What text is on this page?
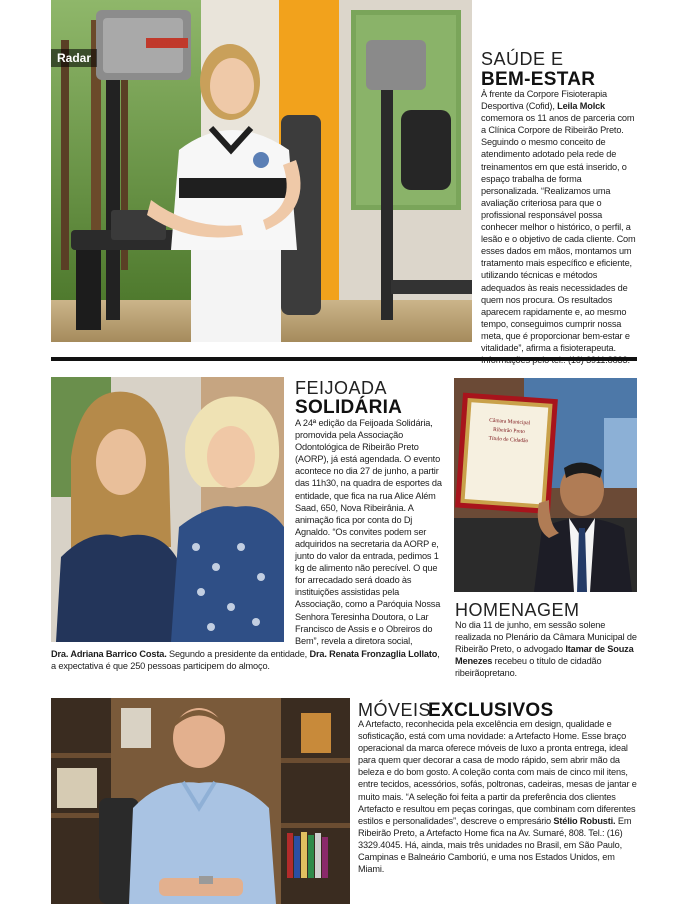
Radar
MULTIPRO
SAÚDE E
BEM-ESTAR
À frente da Corpore Fisioterapia Desportiva (Cofid), Leila Molck comemora os 11 anos de parceria com a Clínica Corpore de Ribeirão Preto. Seguindo o mesmo conceito de atendimento adotado pela rede de treinamentos em que está inserido, o espaço trabalha de forma personalizada. “Realizamos uma avaliação criteriosa para que o profissional responsável possa conhecer melhor o histórico, o perfil, a lesão e o objetivo de cada cliente. Com esses dados em mãos, montamos um tratamento mais específico e eficiente, utilizando técnicas e métodos adequados às reais necessidades de quem nos procura. Os resultados aparecem rapidamente e, ao mesmo tempo, conseguimos cumprir nossa meta, que é proporcionar bem-estar e vitalidade”, afirma a fisioterapeuta.
FEIJOADA
SOLIDÁRIA
A 24ª edição da Feijoada Solidária, promovida pela Associação Odontológica de Ribeirão Preto (AORP), já está agendada. O evento acontece no dia 27 de junho, a partir das 11h30, na quadra de esportes da entidade, que fica na rua Alice Além Saad, 650, Nova Ribeirânia. A animação fica por conta do Dj Agnaldo. “Os convites podem ser adquiridos na secretaria da AORP e, junto do valor da entrada, pedimos 1 kg de alimento não perecível. O que for arrecadado será doado às instituições assistidas pela Associação, como a Paróquia Nossa Senhora Teresinha Doutora, o Lar Francisco de Assis e o Obreiros do Bem”, revela a diretora social,
Dra. Adriana Barrico Costa. Segundo a presidente da entidade, Dra. Renata Fronzaglia Lollato, a expectativa é que 250 pessoas participem do almoço.
Câmara Municipal
Ribeirão Preto
Título de Cidadão
HOMENAGEM
No dia 11 de junho, em sessão solene realizada no Plenário da Câmara Municipal de Ribeirão Preto, o advogado Itamar de Souza Menezes recebeu o título de cidadão ribeirãopretano.
MÓVEIS
EXCLUSIVOS
A Artefacto, reconhecida pela excelência em design, qualidade e sofisticação, está com uma novidade: a Artefacto Home. Esse braço operacional da marca oferece móveis de luxo a pronta entrega, ideal para quem quer decorar a casa de modo rápido, sem abrir mão da beleza e do bom gosto. A coleção conta com mais de cinco mil itens, entre tecidos, acessórios, sofás, poltronas, cadeiras, mesas de jantar e muito mais. “A seleção foi feita a partir da preferência dos clientes Artefacto e resultou em peças coringas, que combinam com diferentes estilos e personalidades”, descreve o empresário Stélio Robusti. Em Ribeirão Preto, a Artefacto Home fica na Av. Sumaré, 808. Tel.: (16) 3329.4045. Há, ainda, mais três unidades no Brasil, em São Paulo, Campinas e Balneário Camboriú, e uma nos Estados Unidos, em Miami.
